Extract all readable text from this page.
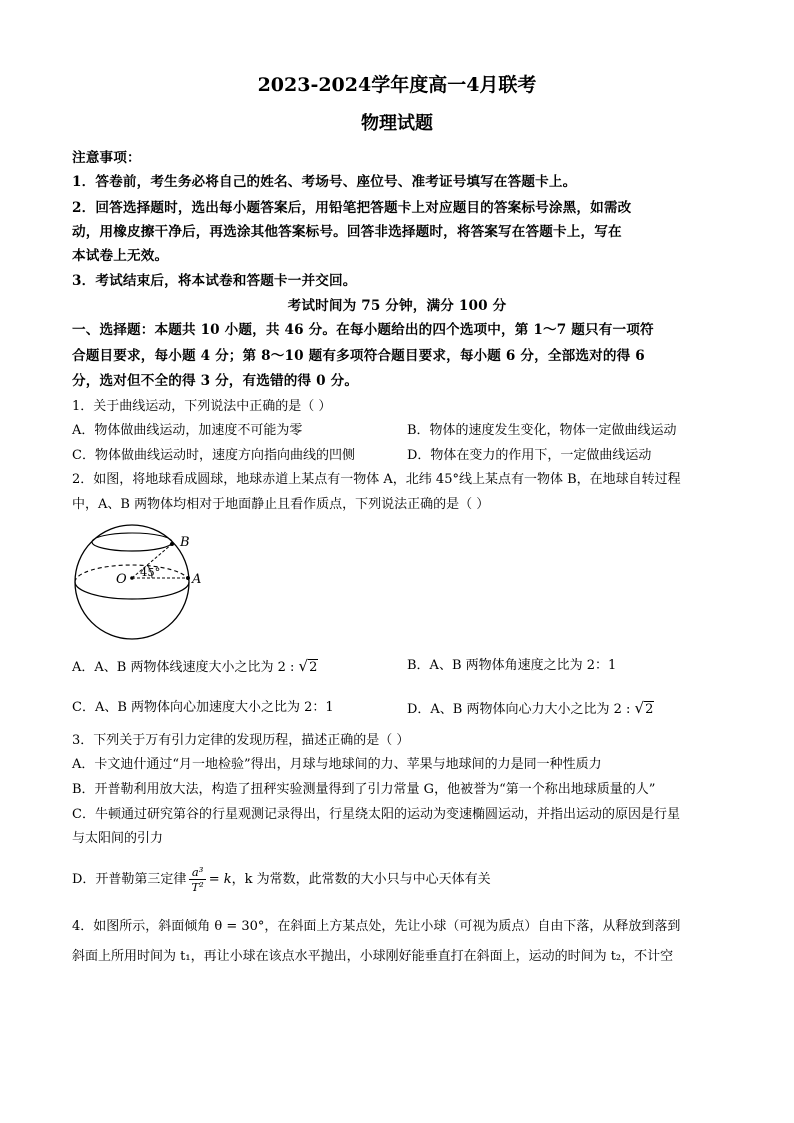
2023-2024学年度高一4月联考
物理试题
注意事项：
1．答卷前，考生务必将自己的姓名、考场号、座位号、准考证号填写在答题卡上。
2．回答选择题时，选出每小题答案后，用铅笔把答题卡上对应题目的答案标号涂黑，如需改
动，用橡皮擦干净后，再选涂其他答案标号。回答非选择题时，将答案写在答题卡上，写在
本试卷上无效。
3．考试结束后，将本试卷和答题卡一并交回。
考试时间为 75 分钟，满分 100 分
一、选择题：本题共 10 小题，共 46 分。在每小题给出的四个选项中，第 1～7 题只有一项符
合题目要求，每小题 4 分；第 8～10 题有多项符合题目要求，每小题 6 分，全部选对的得 6
分，选对但不全的得 3 分，有选错的得 0 分。
1．关于曲线运动，下列说法中正确的是（ ）
A．物体做曲线运动，加速度不可能为零	B．物体的速度发生变化，物体一定做曲线运动
C．物体做曲线运动时，速度方向指向曲线的凹侧	D．物体在变力的作用下，一定做曲线运动
2．如图，将地球看成圆球，地球赤道上某点有一物体 A，北纬 45°线上某点有一物体 B，在地球自转过程
中，A、B 两物体均相对于地面静止且看作质点，下列说法正确的是（ ）
B
O	A
45°
A．A、B 两物体线速度大小之比为 2 : √2	B．A、B 两物体角速度之比为 2：1
C．A、B 两物体向心加速度大小之比为 2：1	D．A、B 两物体向心力大小之比为 2 : √2
3．下列关于万有引力定律的发现历程，描述正确的是（ ）
A．卡文迪什通过“月一地检验”得出，月球与地球间的力、苹果与地球间的力是同一种性质力
B．开普勒利用放大法，构造了扭秤实验测量得到了引力常量 G，他被誉为“第一个称出地球质量的人”
C．牛顿通过研究第谷的行星观测记录得出，行星绕太阳的运动为变速椭圆运动，并指出运动的原因是行星
与太阳间的引力
D．开普勒第三定律 $\frac{\text{a³}}{\text{T²}} = k$，k 为常数，此常数的大小只与中心天体有关
4．如图所示，斜面倾角 θ = 30°，在斜面上方某点处，先让小球（可视为质点）自由下落，从释放到落到
斜面上所用时间为 t₁，再让小球在该点水平抛出，小球刚好能垂直打在斜面上，运动的时间为 t₂，不计空
